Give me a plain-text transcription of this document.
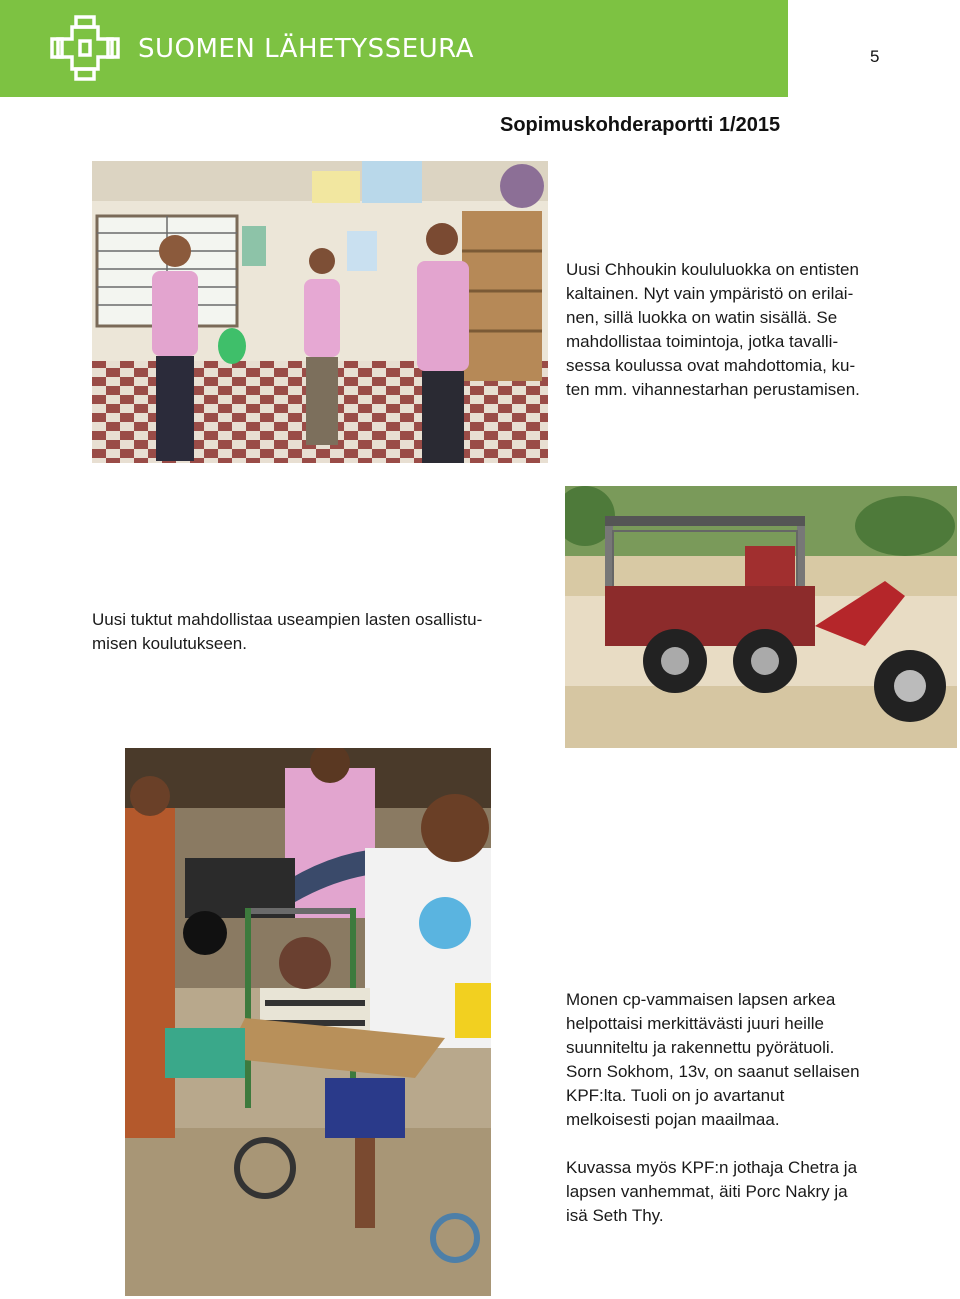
SUOMEN LÄHETYSSEURA	5
Sopimuskohderaportti 1/2015

Uusi Chhoukin koululuokka on entisten

kaltainen. Nyt vain ympäristö on erilai-

nen, sillä luokka on watin sisällä. Se

mahdollistaa toimintoja, jotka tavalli-

sessa koulussa ovat mahdottomia, ku-

ten mm. vihannestarhan perustamisen.

Uusi tuktut mahdollistaa useampien lasten osallistu-

misen koulutukseen.

Monen cp-vammaisen lapsen arkea

helpottaisi merkittävästi juuri heille

suunniteltu ja rakennettu pyörätuoli.

Sorn Sokhom, 13v, on saanut sellaisen

KPF:lta. Tuoli on jo avartanut

melkoisesti pojan maailmaa.

Kuvassa myös KPF:n jothaja Chetra ja

lapsen vanhemmat, äiti Porc Nakry ja

isä Seth Thy.
